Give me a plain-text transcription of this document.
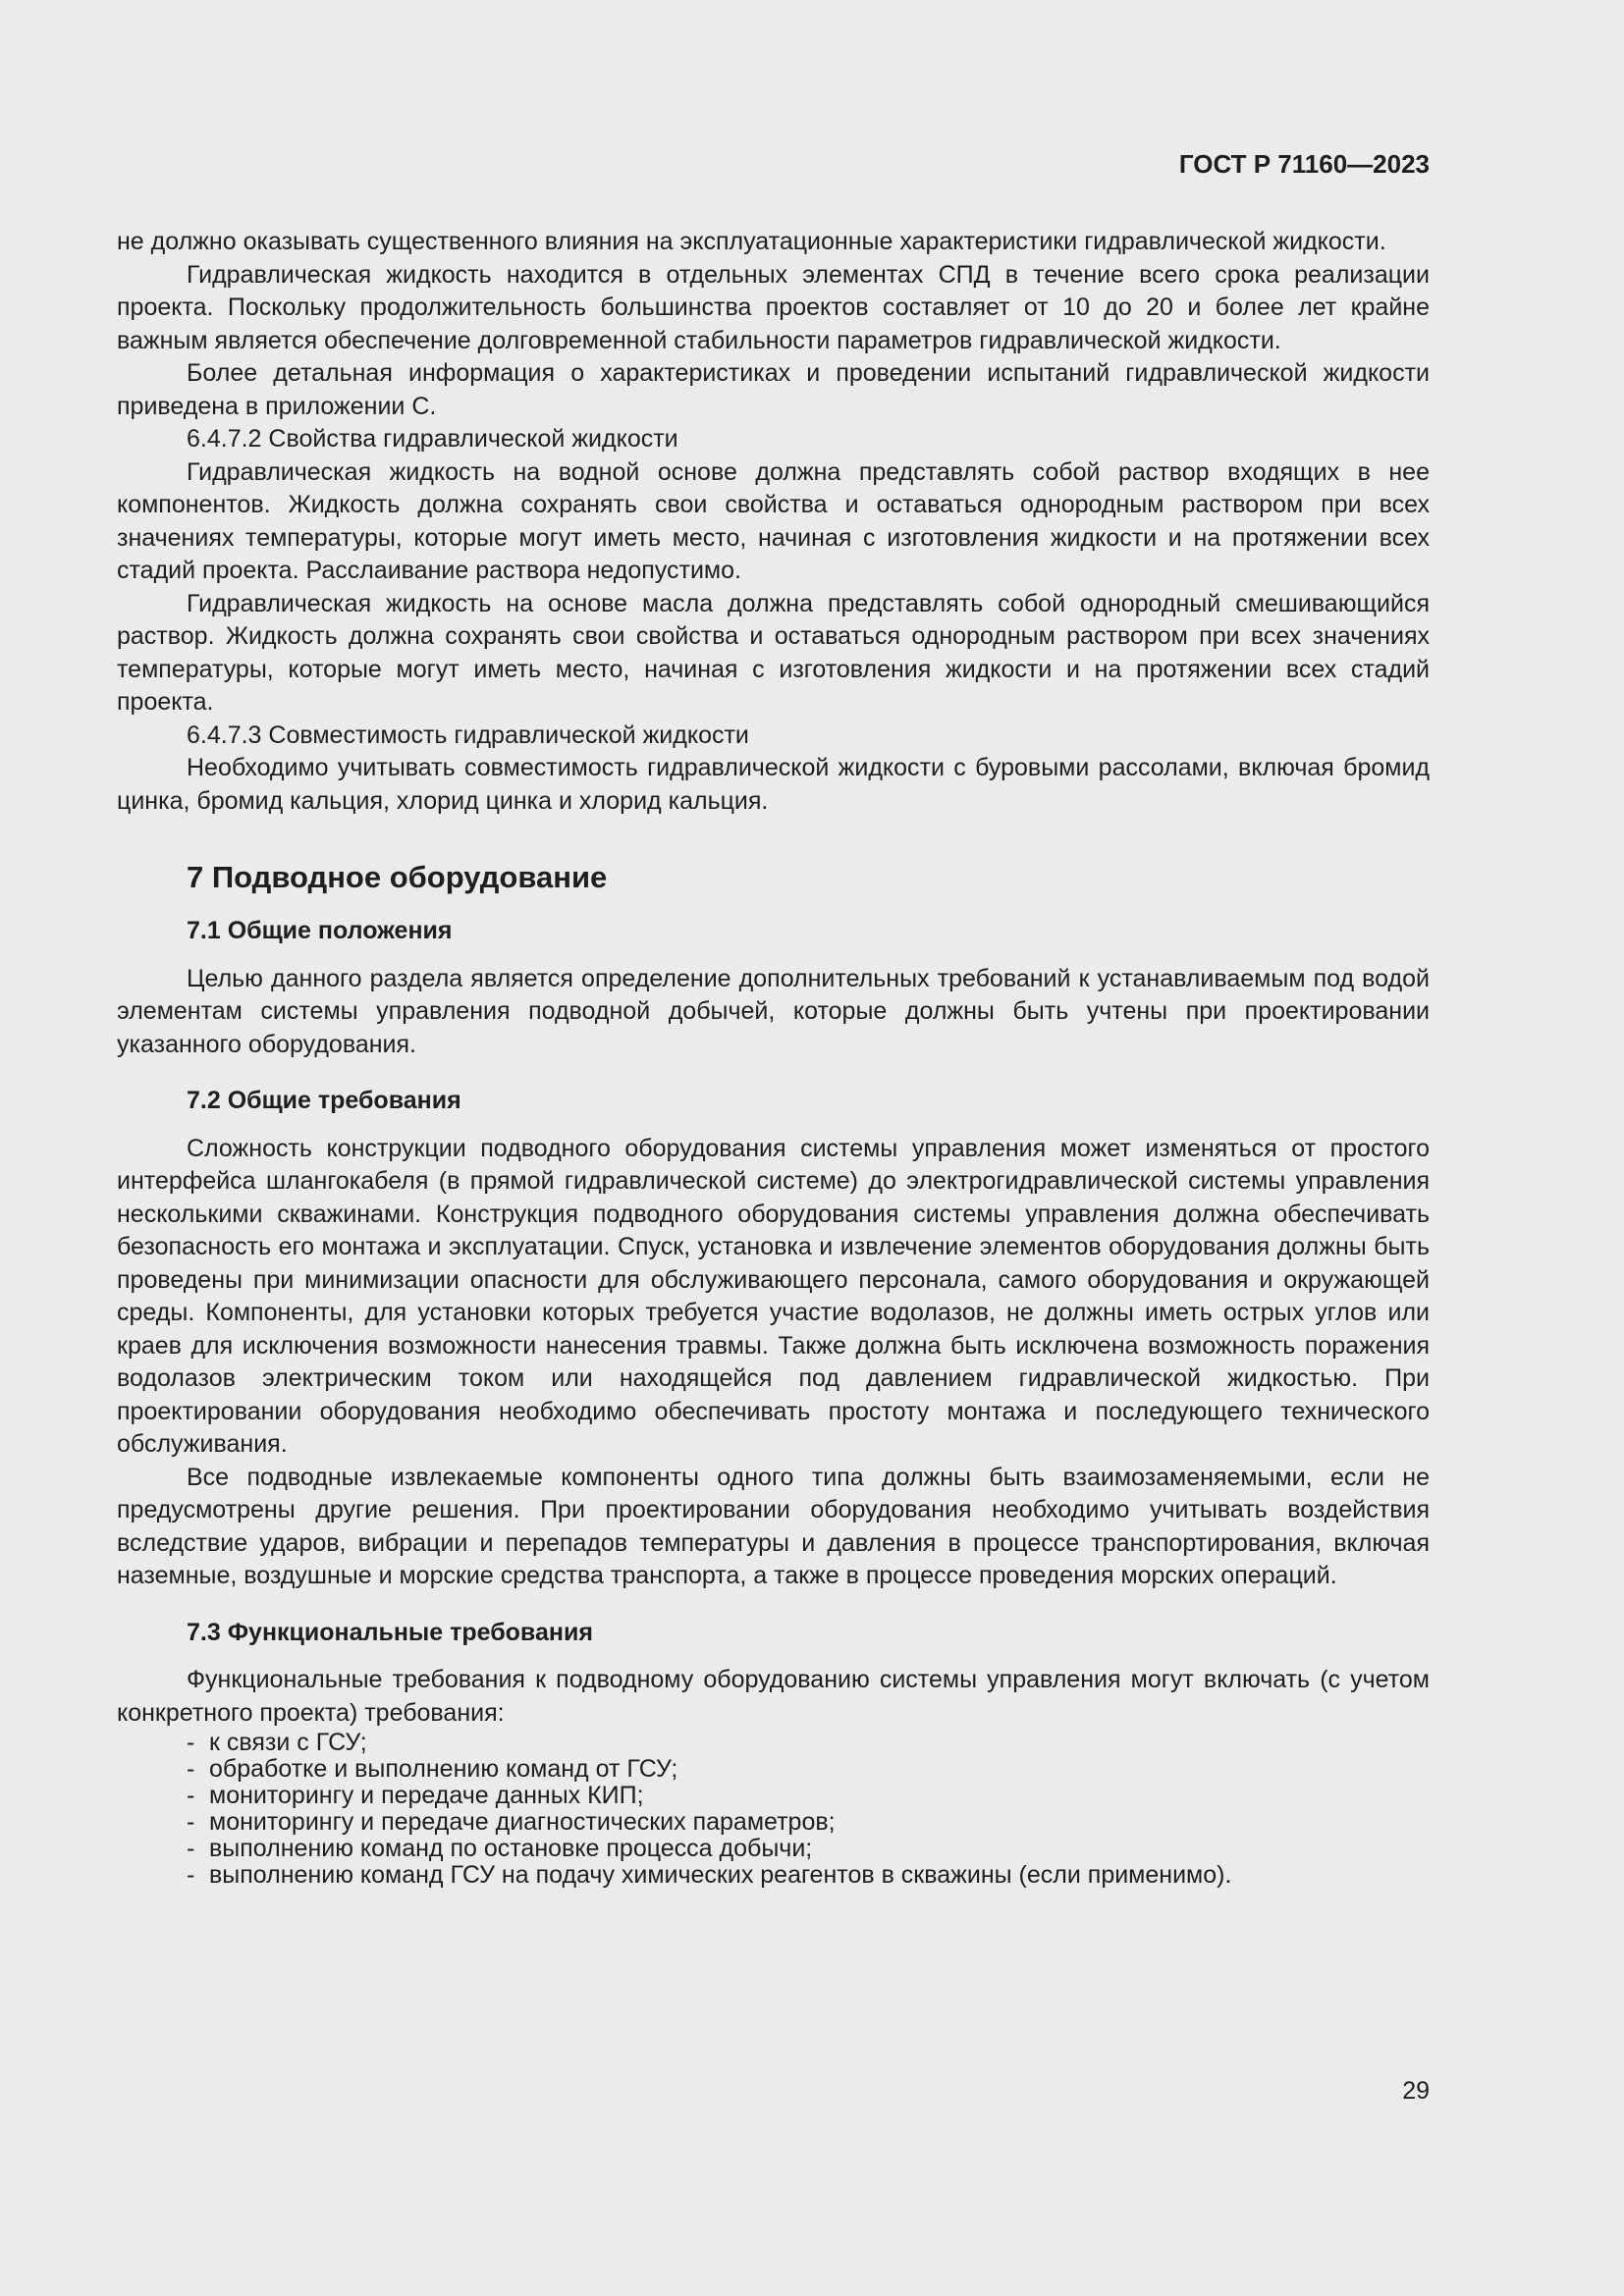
ГОСТ Р 71160—2023

не должно оказывать существенного влияния на эксплуатационные характеристики гидравлической жидкости.

Гидравлическая жидкость находится в отдельных элементах СПД в течение всего срока реализации проекта. Поскольку продолжительность большинства проектов составляет от 10 до 20 и более лет крайне важным является обеспечение долговременной стабильности параметров гидравлической жидкости.

Более детальная информация о характеристиках и проведении испытаний гидравлической жидкости приведена в приложении С.

6.4.7.2 Свойства гидравлической жидкости

Гидравлическая жидкость на водной основе должна представлять собой раствор входящих в нее компонентов. Жидкость должна сохранять свои свойства и оставаться однородным раствором при всех значениях температуры, которые могут иметь место, начиная с изготовления жидкости и на протяжении всех стадий проекта. Расслаивание раствора недопустимо.

Гидравлическая жидкость на основе масла должна представлять собой однородный смешивающийся раствор. Жидкость должна сохранять свои свойства и оставаться однородным раствором при всех значениях температуры, которые могут иметь место, начиная с изготовления жидкости и на протяжении всех стадий проекта.

6.4.7.3 Совместимость гидравлической жидкости

Необходимо учитывать совместимость гидравлической жидкости с буровыми рассолами, включая бромид цинка, бромид кальция, хлорид цинка и хлорид кальция.

7 Подводное оборудование
7.1 Общие положения

Целью данного раздела является определение дополнительных требований к устанавливаемым под водой элементам системы управления подводной добычей, которые должны быть учтены при проектировании указанного оборудования.

7.2 Общие требования

Сложность конструкции подводного оборудования системы управления может изменяться от простого интерфейса шлангокабеля (в прямой гидравлической системе) до электрогидравлической системы управления несколькими скважинами. Конструкция подводного оборудования системы управления должна обеспечивать безопасность его монтажа и эксплуатации. Спуск, установка и извлечение элементов оборудования должны быть проведены при минимизации опасности для обслуживающего персонала, самого оборудования и окружающей среды. Компоненты, для установки которых требуется участие водолазов, не должны иметь острых углов или краев для исключения возможности нанесения травмы. Также должна быть исключена возможность поражения водолазов электрическим током или находящейся под давлением гидравлической жидкостью. При проектировании оборудования необходимо обеспечивать простоту монтажа и последующего технического обслуживания.

Все подводные извлекаемые компоненты одного типа должны быть взаимозаменяемыми, если не предусмотрены другие решения. При проектировании оборудования необходимо учитывать воздействия вследствие ударов, вибрации и перепадов температуры и давления в процессе транспортирования, включая наземные, воздушные и морские средства транспорта, а также в процессе проведения морских операций.

7.3 Функциональные требования

Функциональные требования к подводному оборудованию системы управления могут включать (с учетом конкретного проекта) требования:

- к связи с ГСУ;
- обработке и выполнению команд от ГСУ;
- мониторингу и передаче данных КИП;
- мониторингу и передаче диагностических параметров;
- выполнению команд по остановке процесса добычи;
- выполнению команд ГСУ на подачу химических реагентов в скважины (если применимо).
29
